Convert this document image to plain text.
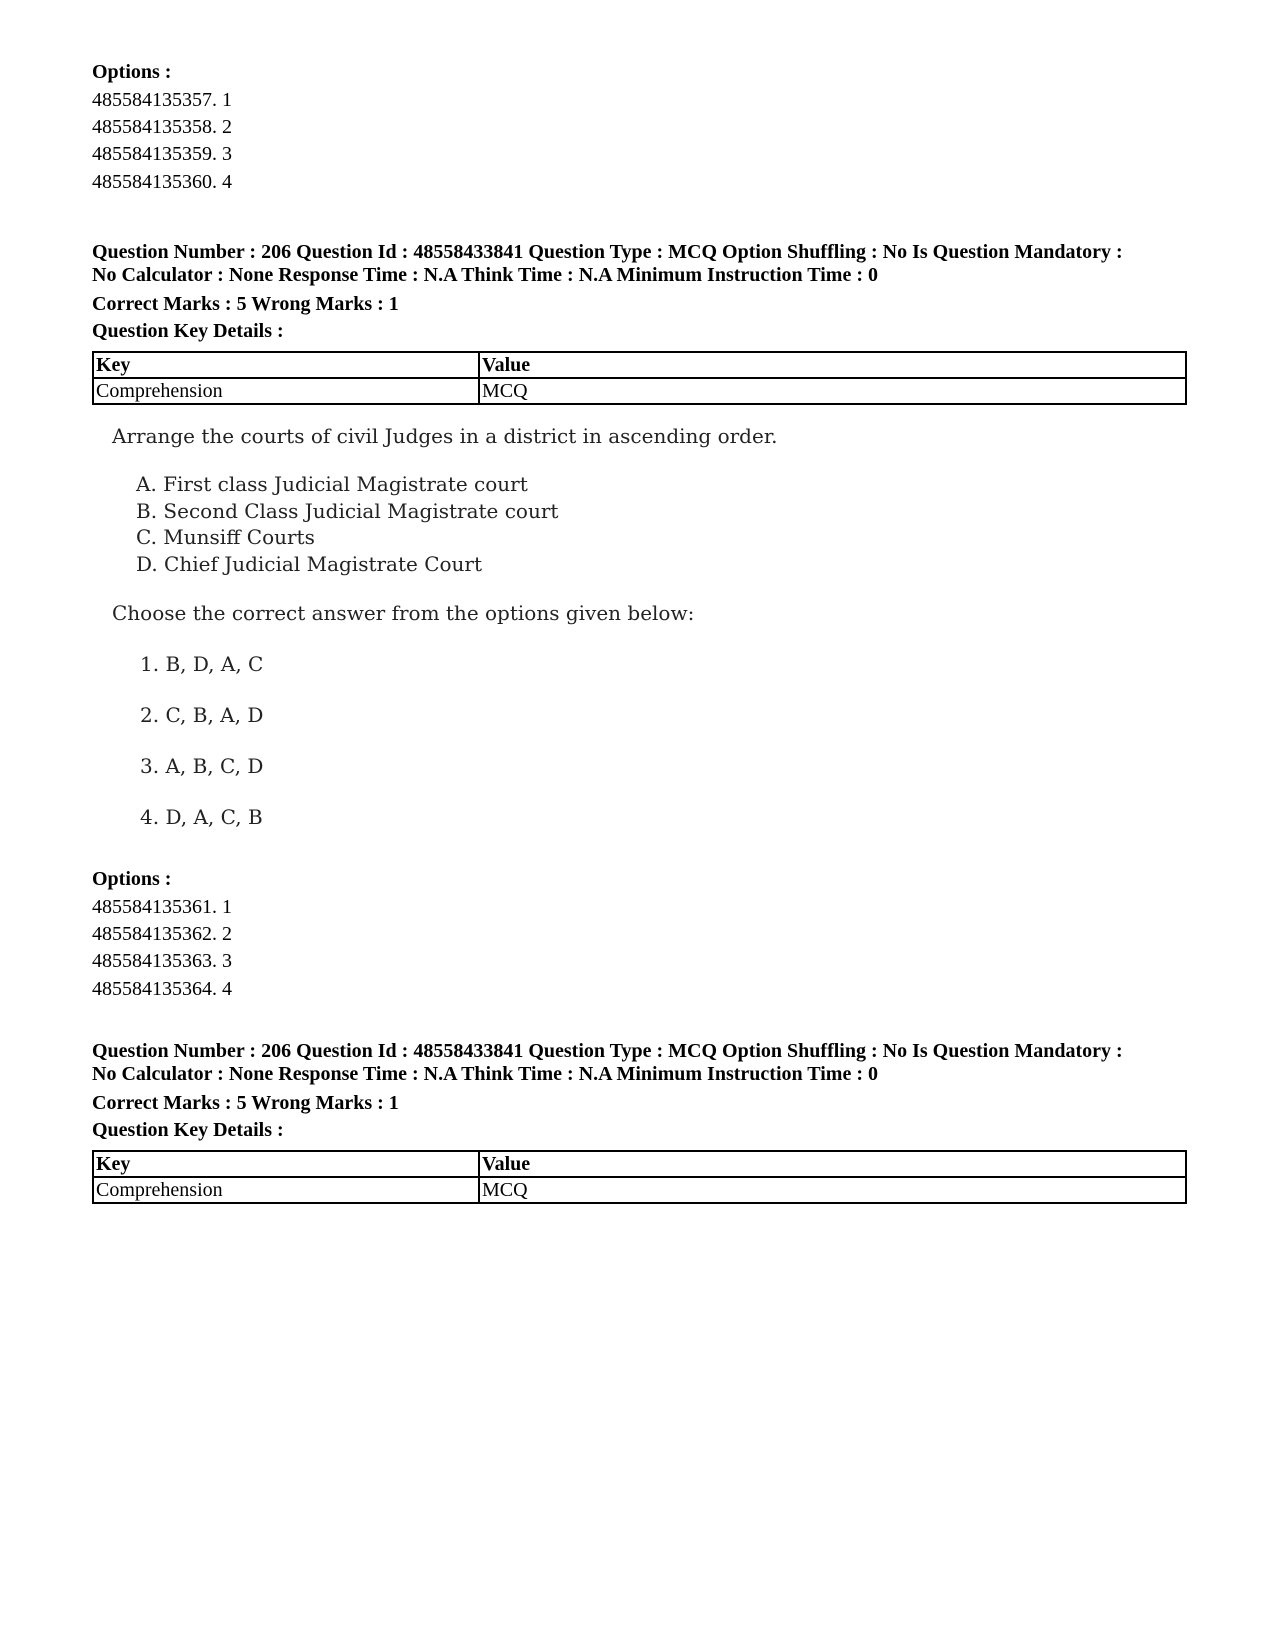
Options :
485584135357. 1
485584135358. 2
485584135359. 3
485584135360. 4
Question Number : 206 Question Id : 48558433841 Question Type : MCQ Option Shuffling : No Is Question Mandatory :
No Calculator : None Response Time : N.A Think Time : N.A Minimum Instruction Time : 0
Correct Marks : 5 Wrong Marks : 1
Question Key Details :
Key	Value
Comprehension	MCQ
Arrange the courts of civil Judges in a district in ascending order.
A. First class Judicial Magistrate court
B. Second Class Judicial Magistrate court
C. Munsiff Courts
D. Chief Judicial Magistrate Court
Choose the correct answer from the options given below:
1. B, D, A, C
2. C, B, A, D
3. A, B, C, D
4. D, A, C, B
Options :
485584135361. 1
485584135362. 2
485584135363. 3
485584135364. 4
Question Number : 206 Question Id : 48558433841 Question Type : MCQ Option Shuffling : No Is Question Mandatory :
No Calculator : None Response Time : N.A Think Time : N.A Minimum Instruction Time : 0
Correct Marks : 5 Wrong Marks : 1
Question Key Details :
Key	Value
Comprehension	MCQ
